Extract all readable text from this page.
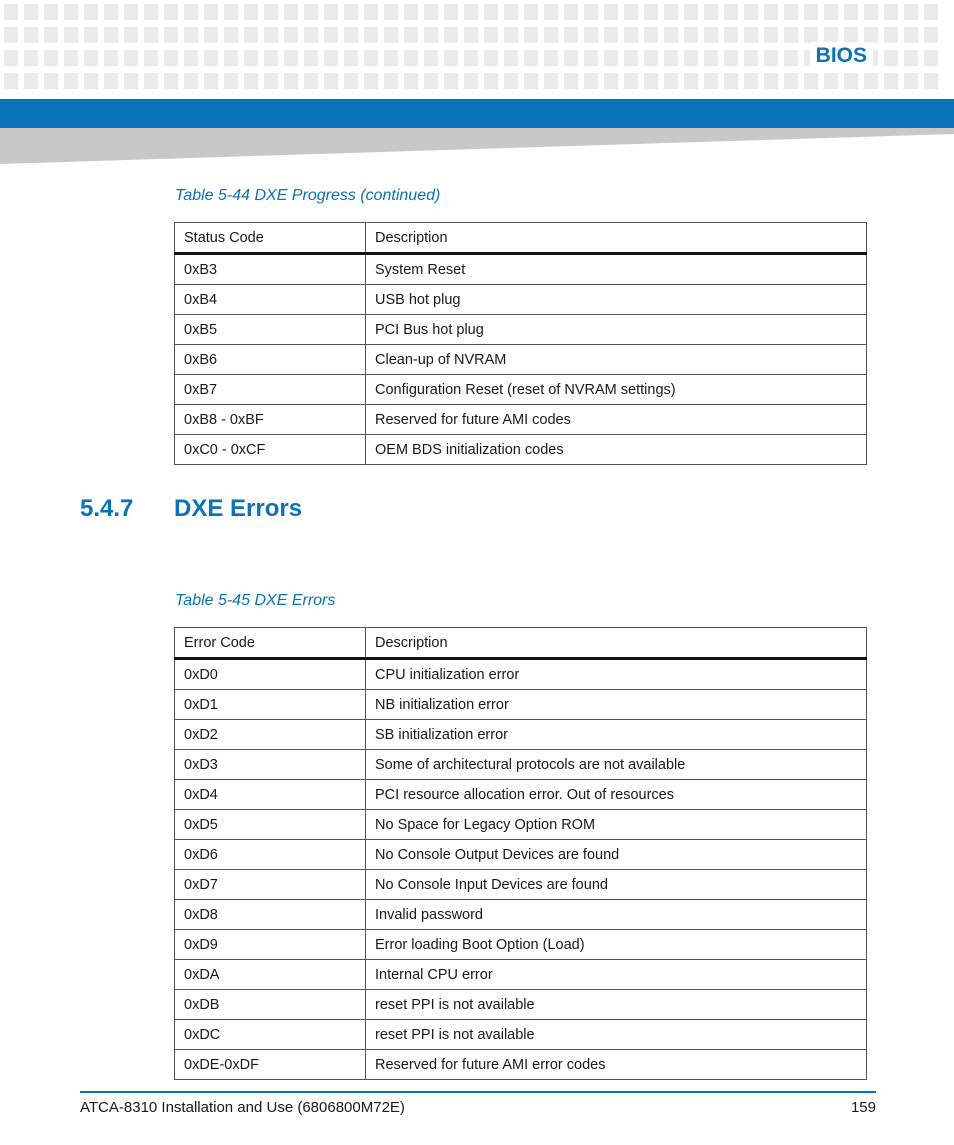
BIOS
Table 5-44 DXE Progress (continued)
Status Code	Description
0xB3	System Reset
0xB4	USB hot plug
0xB5	PCI Bus hot plug
0xB6	Clean-up of NVRAM
0xB7	Configuration Reset (reset of NVRAM settings)
0xB8 - 0xBF	Reserved for future AMI codes
0xC0 - 0xCF	OEM BDS initialization codes
5.4.7 DXE Errors
Table 5-45 DXE Errors
Error Code	Description
0xD0	CPU initialization error
0xD1	NB initialization error
0xD2	SB initialization error
0xD3	Some of architectural protocols are not available
0xD4	PCI resource allocation error. Out of resources
0xD5	No Space for Legacy Option ROM
0xD6	No Console Output Devices are found
0xD7	No Console Input Devices are found
0xD8	Invalid password
0xD9	Error loading Boot Option (Load)
0xDA	Internal CPU error
0xDB	reset PPI is not available
0xDC	reset PPI is not available
0xDE-0xDF	Reserved for future AMI error codes
ATCA-8310 Installation and Use (6806800M72E)	159
